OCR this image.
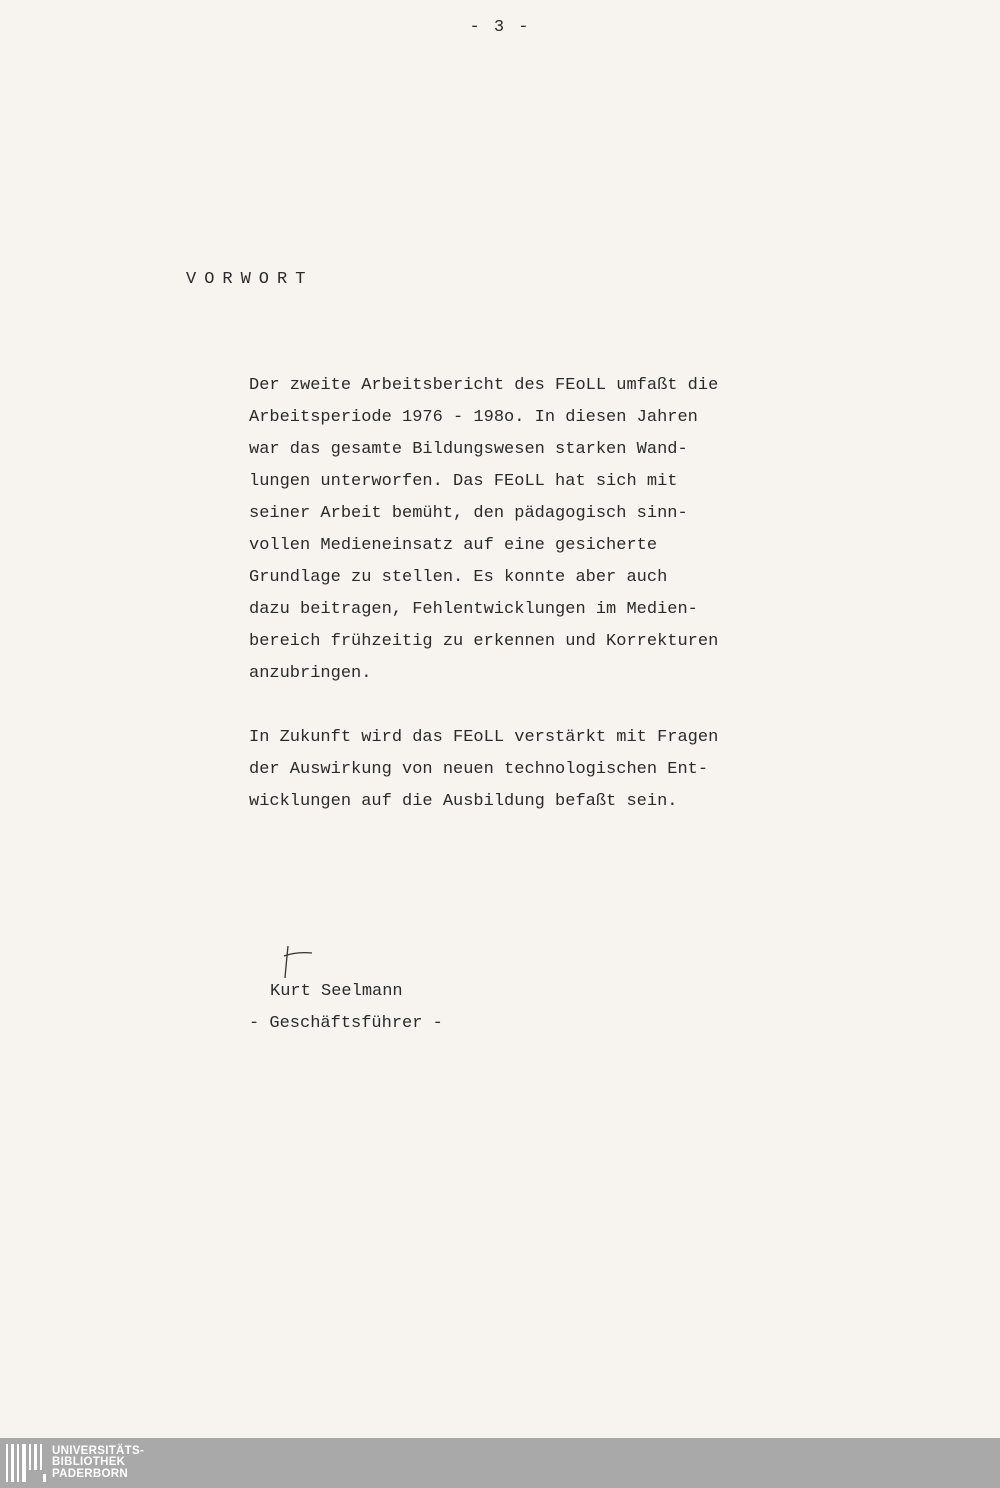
- 3 -
VORWORT
Der zweite Arbeitsbericht des FEoLL umfaßt die
Arbeitsperiode 1976 - 198o. In diesen Jahren
war das gesamte Bildungswesen starken Wand-
lungen unterworfen. Das FEoLL hat sich mit
seiner Arbeit bemüht, den pädagogisch sinn-
vollen Medieneinsatz auf eine gesicherte
Grundlage zu stellen. Es konnte aber auch
dazu beitragen, Fehlentwicklungen im Medien-
bereich frühzeitig zu erkennen und Korrekturen
anzubringen.
In Zukunft wird das FEoLL verstärkt mit Fragen
der Auswirkung von neuen technologischen Ent-
wicklungen auf die Ausbildung befaßt sein.
Kurt Seelmann
- Geschäftsführer -
UNIVERSITÄTS-
BIBLIOTHEK
PADERBORN
